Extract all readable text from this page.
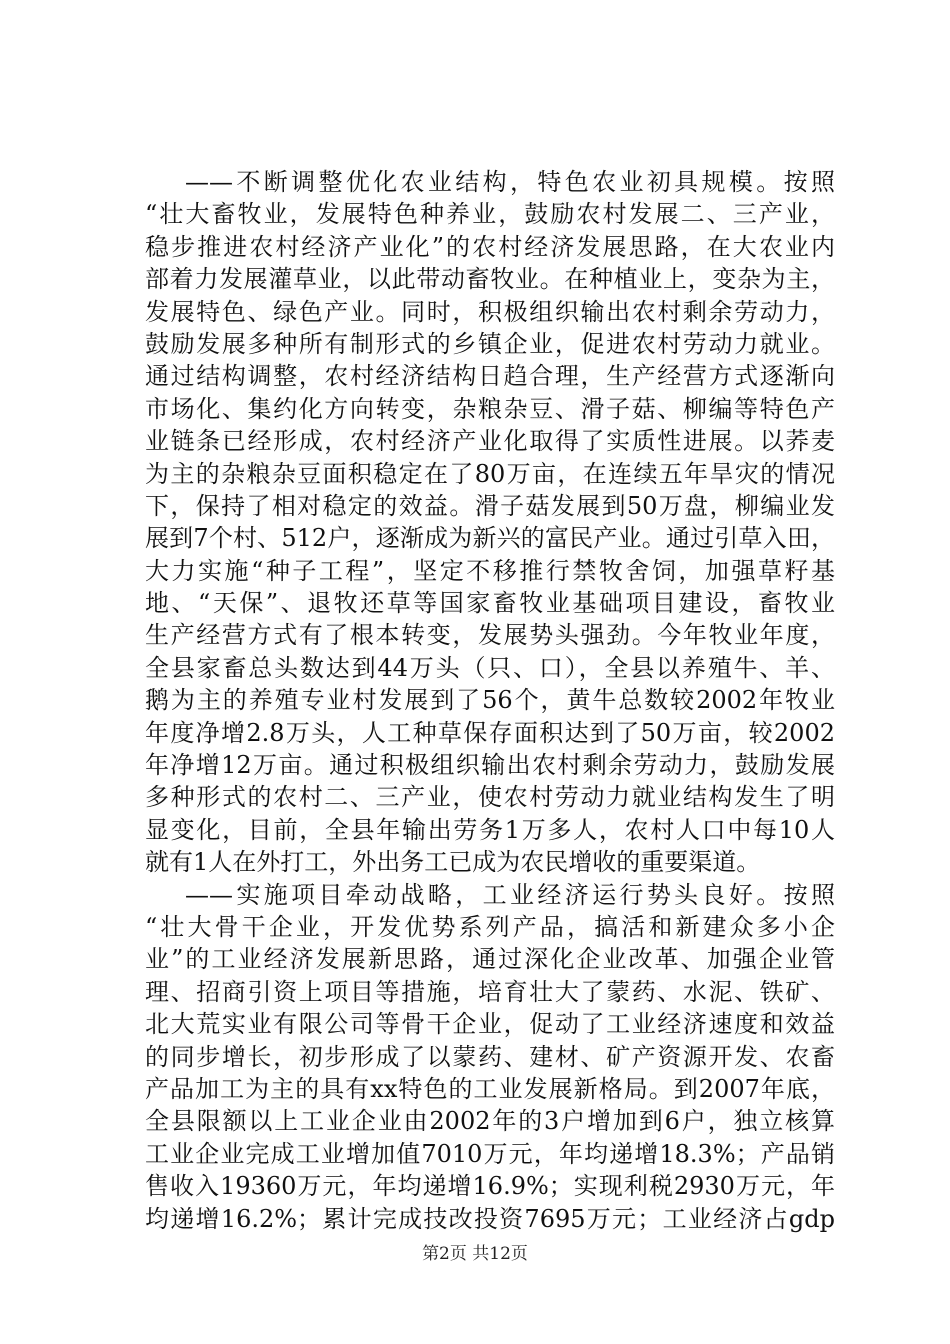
——不断调整优化农业结构，特色农业初具规模。按照
“壮大畜牧业，发展特色种养业，鼓励农村发展二、三产业，
稳步推进农村经济产业化”的农村经济发展思路，在大农业内
部着力发展灌草业，以此带动畜牧业。在种植业上，变杂为主，
发展特色、绿色产业。同时，积极组织输出农村剩余劳动力，
鼓励发展多种所有制形式的乡镇企业，促进农村劳动力就业。
通过结构调整，农村经济结构日趋合理，生产经营方式逐渐向
市场化、集约化方向转变，杂粮杂豆、滑子菇、柳编等特色产
业链条已经形成，农村经济产业化取得了实质性进展。以荞麦
为主的杂粮杂豆面积稳定在了80万亩，在连续五年旱灾的情况
下，保持了相对稳定的效益。滑子菇发展到50万盘，柳编业发
展到7个村、512户，逐渐成为新兴的富民产业。通过引草入田，
大力实施“种子工程”，坚定不移推行禁牧舍饲，加强草籽基
地、“天保”、退牧还草等国家畜牧业基础项目建设，畜牧业
生产经营方式有了根本转变，发展势头强劲。今年牧业年度，
全县家畜总头数达到44万头（只、口），全县以养殖牛、羊、
鹅为主的养殖专业村发展到了56个，黄牛总数较2002年牧业
年度净增2.8万头，人工种草保存面积达到了50万亩，较2002
年净增12万亩。通过积极组织输出农村剩余劳动力，鼓励发展
多种形式的农村二、三产业，使农村劳动力就业结构发生了明
显变化，目前，全县年输出劳务1万多人，农村人口中每10人
就有1人在外打工，外出务工已成为农民增收的重要渠道。
——实施项目牵动战略，工业经济运行势头良好。按照
“壮大骨干企业，开发优势系列产品，搞活和新建众多小企
业”的工业经济发展新思路，通过深化企业改革、加强企业管
理、招商引资上项目等措施，培育壮大了蒙药、水泥、铁矿、
北大荒实业有限公司等骨干企业，促动了工业经济速度和效益
的同步增长，初步形成了以蒙药、建材、矿产资源开发、农畜
产品加工为主的具有xx特色的工业发展新格局。到2007年底，
全县限额以上工业企业由2002年的3户增加到6户，独立核算
工业企业完成工业增加值7010万元，年均递增18.3%；产品销
售收入19360万元，年均递增16.9%；实现利税2930万元，年
均递增16.2%；累计完成技改投资7695万元；工业经济占gdp
第2页 共12页
